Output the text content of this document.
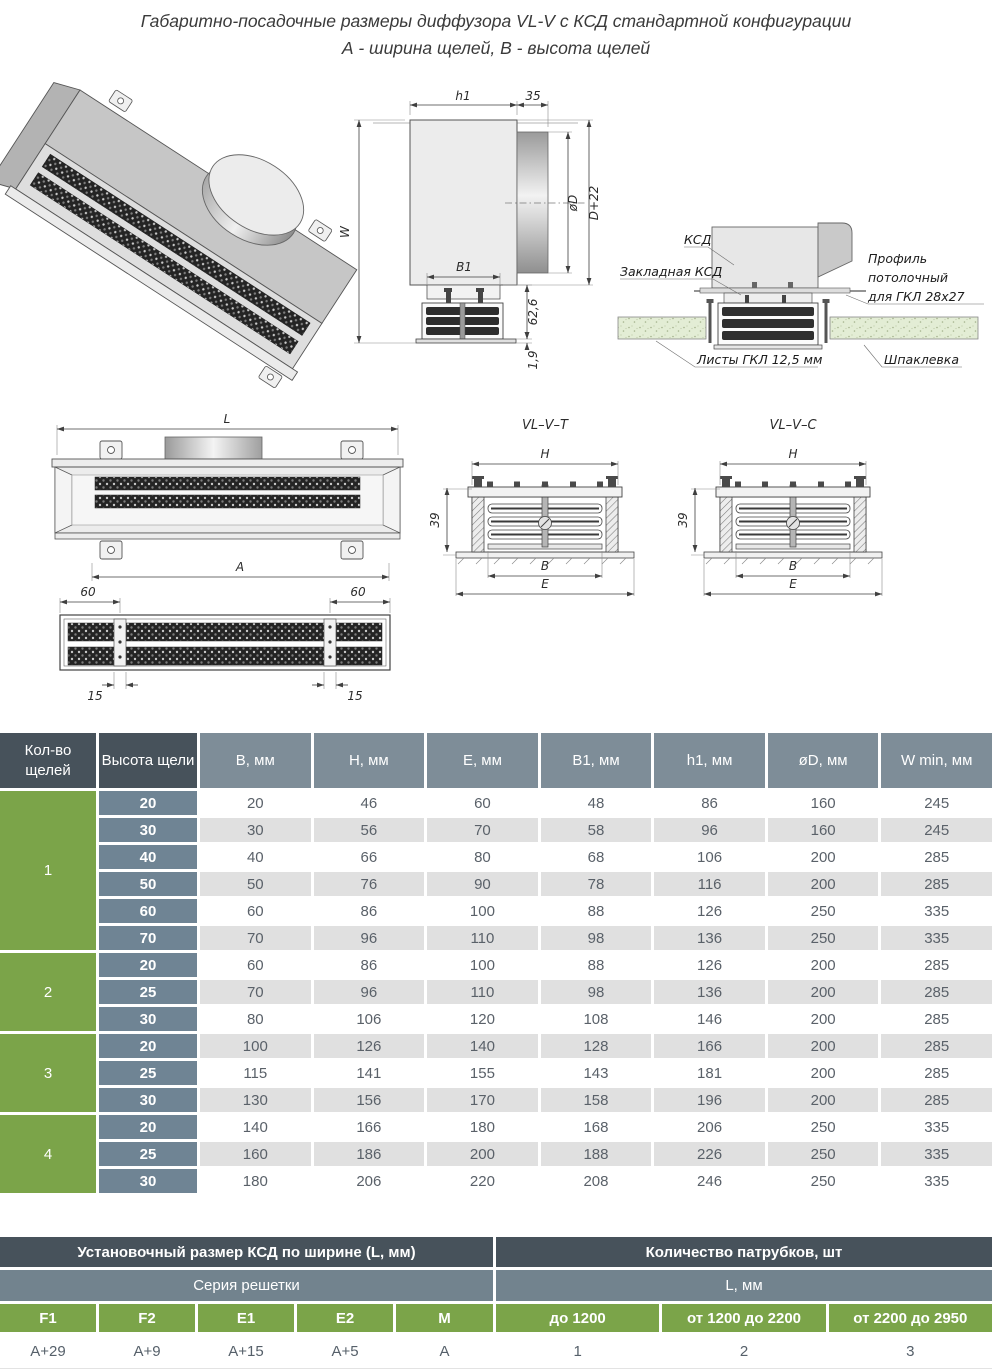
Габаритно-посадочные размеры диффузора VL-V с КСД стандартной конфигурации
А - ширина щелей, В - высота щелей
h1	35
W
B1
øD D+22
62,6
1,9
КСД
Закладная КСД
Профиль
потолочный
для ГКЛ 28х27
Листы ГКЛ 12,5 мм	Шпаклевка
L
A
60	60
15	15
VL–V–T
H
39
B
E
VL–V–C
H
39
B
E
Кол-во щелей
Высота щели	B, мм	H, мм	E, мм	B1, мм	h1, мм	øD, мм	W min, мм
1
20	20	46	60	48	86	160	245
30	30	56	70	58	96	160	245
40	40	66	80	68	106	200	285
50	50	76	90	78	116	200	285
60	60	86	100	88	126	250	335
70	70	96	110	98	136	250	335
2
20	60	86	100	88	126	200	285
25	70	96	110	98	136	200	285
30	80	106	120	108	146	200	285
3
20	100	126	140	128	166	200	285
25	115	141	155	143	181	200	285
30	130	156	170	158	196	200	285
4
20	140	166	180	168	206	250	335
25	160	186	200	188	226	250	335
30	180	206	220	208	246	250	335
Установочный размер КСД по ширине (L, мм)	Количество патрубков, шт
Серия решетки	L, мм
F1	F2	E1	E2	M	до 1200	от 1200 до 2200	от 2200 до 2950
A+29	A+9	A+15	A+5	A	1	2	3
